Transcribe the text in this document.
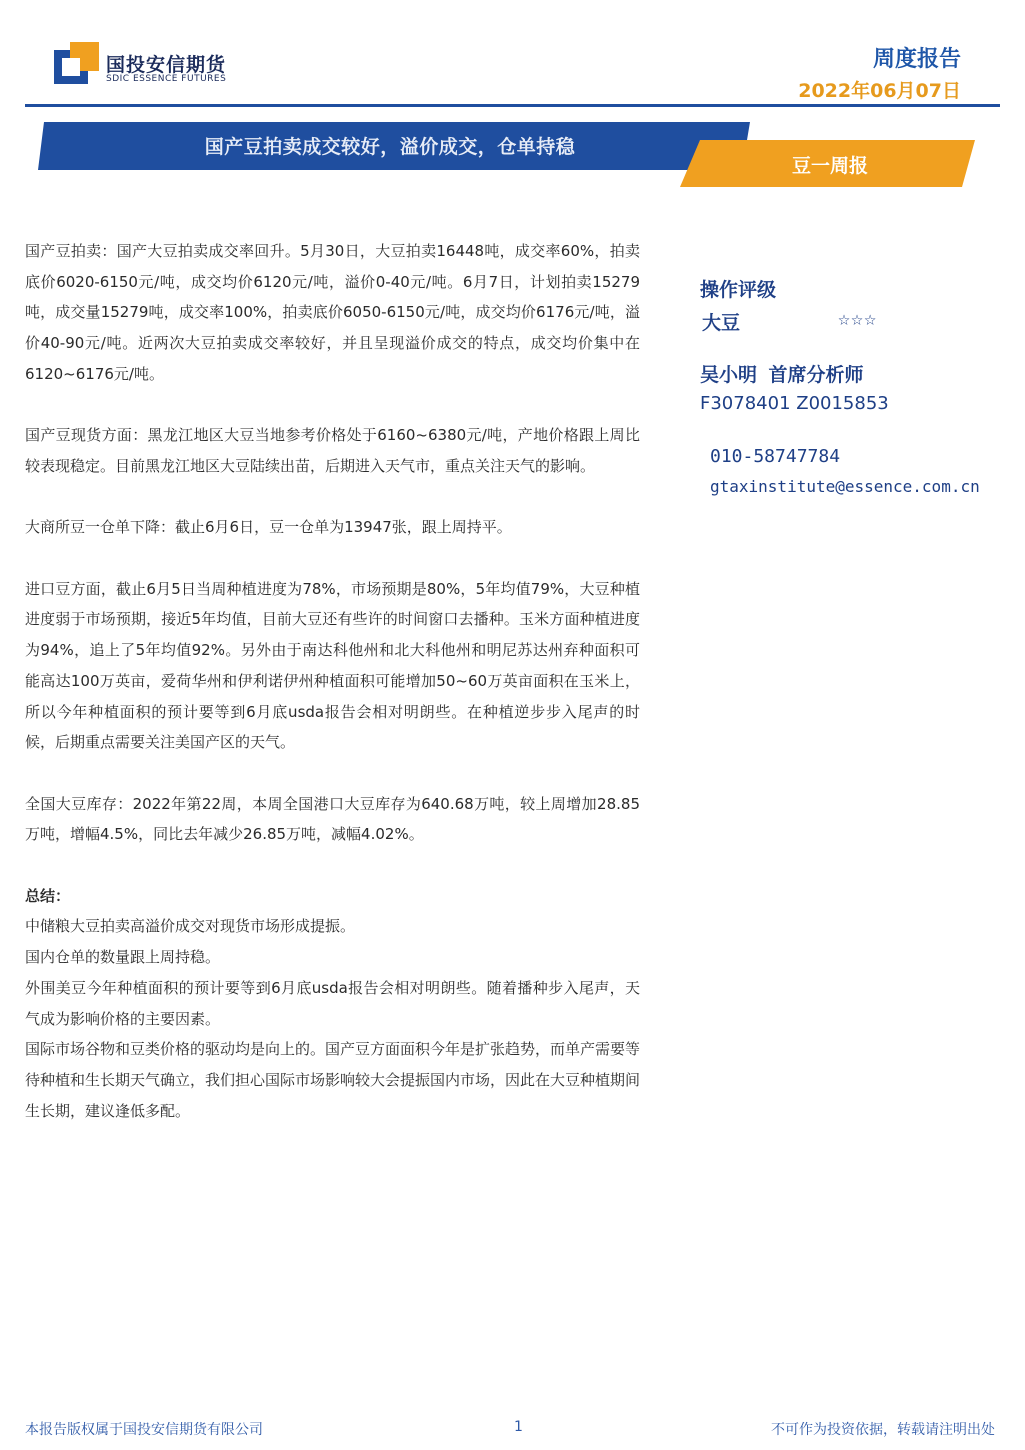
国投安信期货
SDIC ESSENCE FUTURES
周度报告
2022年06月07日
国产豆拍卖成交较好，溢价成交，仓单持稳
豆一周报

国产豆拍卖：国产大豆拍卖成交率回升。5月30日，大豆拍卖16448吨，成交率60%，拍卖底价6020-6150元/吨，成交均价6120元/吨，溢价0-40元/吨。6月7日，计划拍卖15279吨，成交量15279吨，成交率100%，拍卖底价6050-6150元/吨，成交均价6176元/吨，溢价40-90元/吨。近两次大豆拍卖成交率较好，并且呈现溢价成交的特点，成交均价集中在6120~6176元/吨。

国产豆现货方面：黑龙江地区大豆当地参考价格处于6160~6380元/吨，产地价格跟上周比较表现稳定。目前黑龙江地区大豆陆续出苗，后期进入天气市，重点关注天气的影响。

大商所豆一仓单下降：截止6月6日，豆一仓单为13947张，跟上周持平。

进口豆方面，截止6月5日当周种植进度为78%，市场预期是80%，5年均值79%，大豆种植进度弱于市场预期，接近5年均值，目前大豆还有些许的时间窗口去播种。玉米方面种植进度为94%，追上了5年均值92%。另外由于南达科他州和北大科他州和明尼苏达州弃种面积可能高达100万英亩，爱荷华州和伊利诺伊州种植面积可能增加50~60万英亩面积在玉米上，所以今年种植面积的预计要等到6月底usda报告会相对明朗些。在种植逆步步入尾声的时候，后期重点需要关注美国产区的天气。

全国大豆库存：2022年第22周，本周全国港口大豆库存为640.68万吨，较上周增加28.85万吨，增幅4.5%，同比去年减少26.85万吨，减幅4.02%。

总结：

中储粮大豆拍卖高溢价成交对现货市场形成提振。

国内仓单的数量跟上周持稳。

外围美豆今年种植面积的预计要等到6月底usda报告会相对明朗些。随着播种步入尾声，天气成为影响价格的主要因素。

国际市场谷物和豆类价格的驱动均是向上的。国产豆方面面积今年是扩张趋势，而单产需要等待种植和生长期天气确立，我们担心国际市场影响较大会提振国内市场，因此在大豆种植期间生长期，建议逢低多配。

操作评级
大豆	☆☆☆
吴小明 首席分析师
F3078401 Z0015853
010-58747784
gtaxinstitute@essence.com.cn
本报告版权属于国投安信期货有限公司	1	不可作为投资依据，转载请注明出处
